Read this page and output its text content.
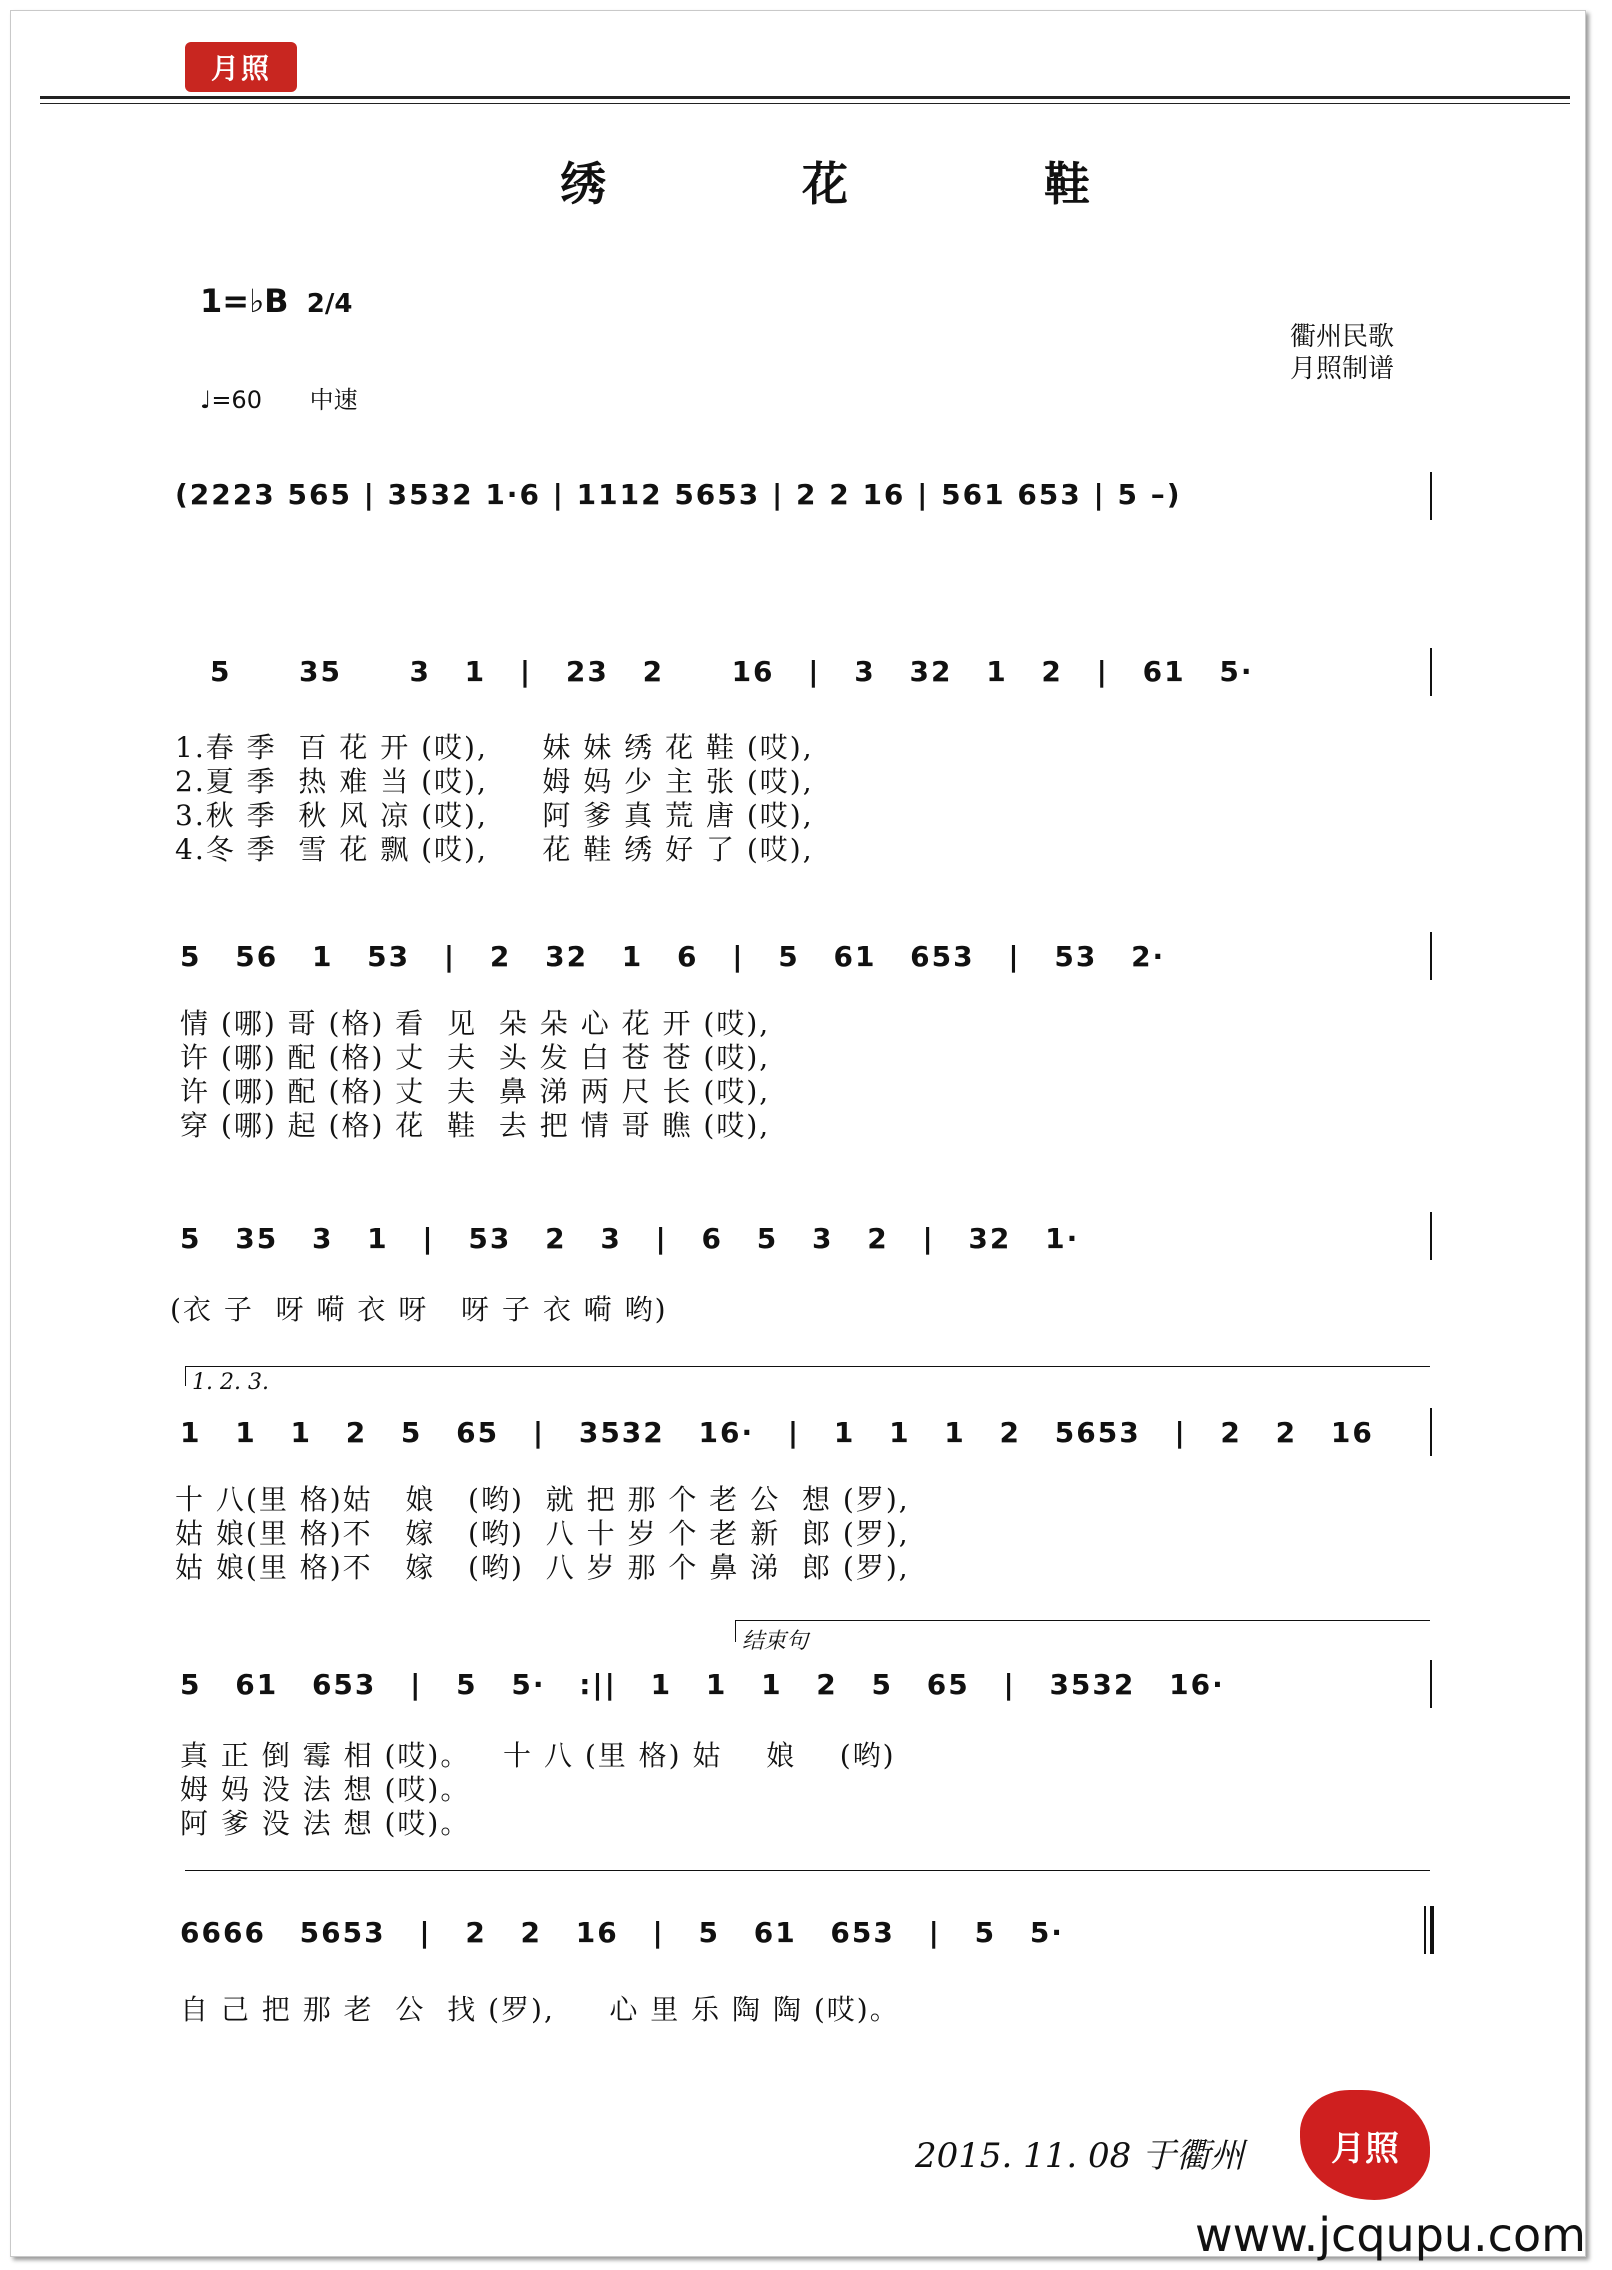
月照
绣 花 鞋
1=♭B 2/4
♩=60 中速
衢州民歌
月照制谱
(2223 565 | 3532 1·6 | 1112 5653 | 2 2 16 | 561 653 | 5 –)
5  35  3 1 | 23 2  16 | 3 32 1 2 | 61 5·
1.春 季  百 花 开 (哎),     妹 妹 绣 花 鞋 (哎),
2.夏 季  热 难 当 (哎),     姆 妈 少 主 张 (哎),
3.秋 季  秋 风 凉 (哎),     阿 爹 真 荒 唐 (哎),
4.冬 季  雪 花 飘 (哎),     花 鞋 绣 好 了 (哎),
5 56 1 53 | 2 32 1 6 | 5 61 653 | 53 2·
情 (哪) 哥 (格) 看  见  朵 朵 心 花 开 (哎),
许 (哪) 配 (格) 丈  夫  头 发 白 苍 苍 (哎),
许 (哪) 配 (格) 丈  夫  鼻 涕 两 尺 长 (哎),
穿 (哪) 起 (格) 花  鞋  去 把 情 哥 瞧 (哎),
5 35 3 1 | 53 2 3 | 6 5 3 2 | 32 1·
(衣 子  呀 嗬 衣 呀   呀 子 衣 嗬 哟)
1. 2. 3.
1 1 1 2 5 65 | 3532 16· | 1 1 1 2 5653 | 2 2 16
十 八(里 格)姑   娘   (哟)  就 把 那 个 老 公  想 (罗),
姑 娘(里 格)不   嫁   (哟)  八 十 岁 个 老 新  郎 (罗),
姑 娘(里 格)不   嫁   (哟)  八 岁 那 个 鼻 涕  郎 (罗),
结束句
5 61 653 | 5 5· :|| 1 1 1 2 5 65 | 3532 16·
真 正 倒 霉 相 (哎)。   十 八 (里 格) 姑    娘    (哟)
姆 妈 没 法 想 (哎)。
阿 爹 没 法 想 (哎)。
6666 5653 | 2 2 16 | 5 61 653 | 5 5·
自 己 把 那 老  公  找 (罗),     心 里 乐 陶 陶 (哎)。
2015. 11. 08 于衢州	月照
www.jcqupu.com
